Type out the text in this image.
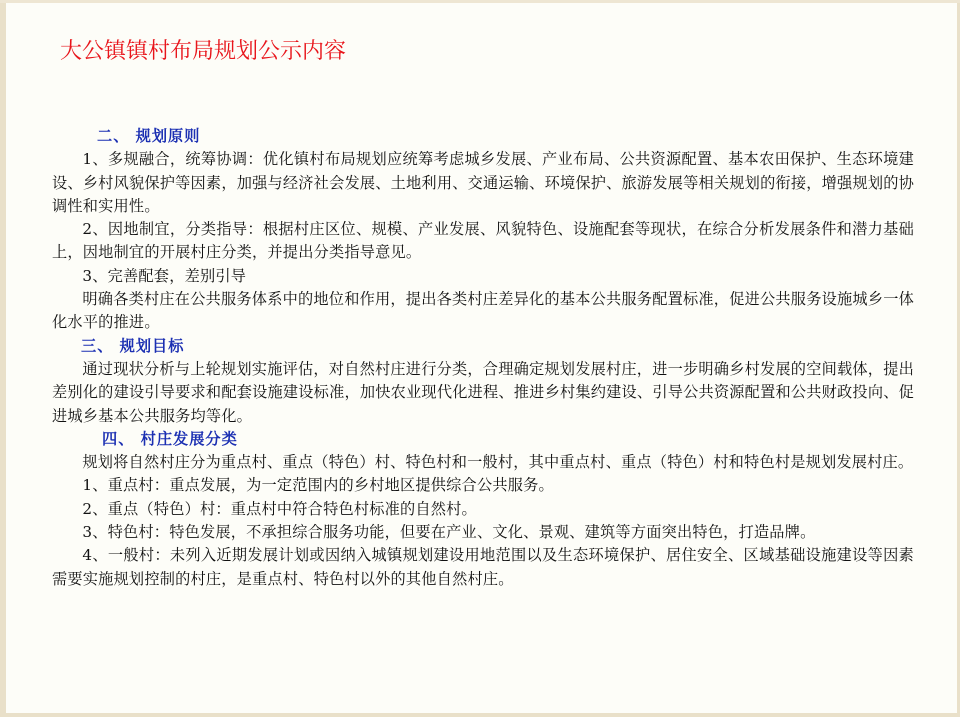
大公镇镇村布局规划公示内容
二、 规划原则
1、多规融合，统筹协调：优化镇村布局规划应统筹考虑城乡发展、产业布局、公共资源配置、基本农田保护、生态环境建设、乡村风貌保护等因素，加强与经济社会发展、土地利用、交通运输、环境保护、旅游发展等相关规划的衔接，增强规划的协调性和实用性。
2、因地制宜，分类指导：根据村庄区位、规模、产业发展、风貌特色、设施配套等现状，在综合分析发展条件和潜力基础上，因地制宜的开展村庄分类，并提出分类指导意见。
3、完善配套，差别引导
明确各类村庄在公共服务体系中的地位和作用，提出各类村庄差异化的基本公共服务配置标准，促进公共服务设施城乡一体化水平的推进。
三、 规划目标
通过现状分析与上轮规划实施评估，对自然村庄进行分类，合理确定规划发展村庄，进一步明确乡村发展的空间载体，提出差别化的建设引导要求和配套设施建设标准，加快农业现代化进程、推进乡村集约建设、引导公共资源配置和公共财政投向、促进城乡基本公共服务均等化。
四、 村庄发展分类
规划将自然村庄分为重点村、重点（特色）村、特色村和一般村，其中重点村、重点（特色）村和特色村是规划发展村庄。
1、重点村：重点发展，为一定范围内的乡村地区提供综合公共服务。
2、重点（特色）村：重点村中符合特色村标准的自然村。
3、特色村：特色发展，不承担综合服务功能，但要在产业、文化、景观、建筑等方面突出特色，打造品牌。
4、一般村：未列入近期发展计划或因纳入城镇规划建设用地范围以及生态环境保护、居住安全、区域基础设施建设等因素需要实施规划控制的村庄，是重点村、特色村以外的其他自然村庄。
